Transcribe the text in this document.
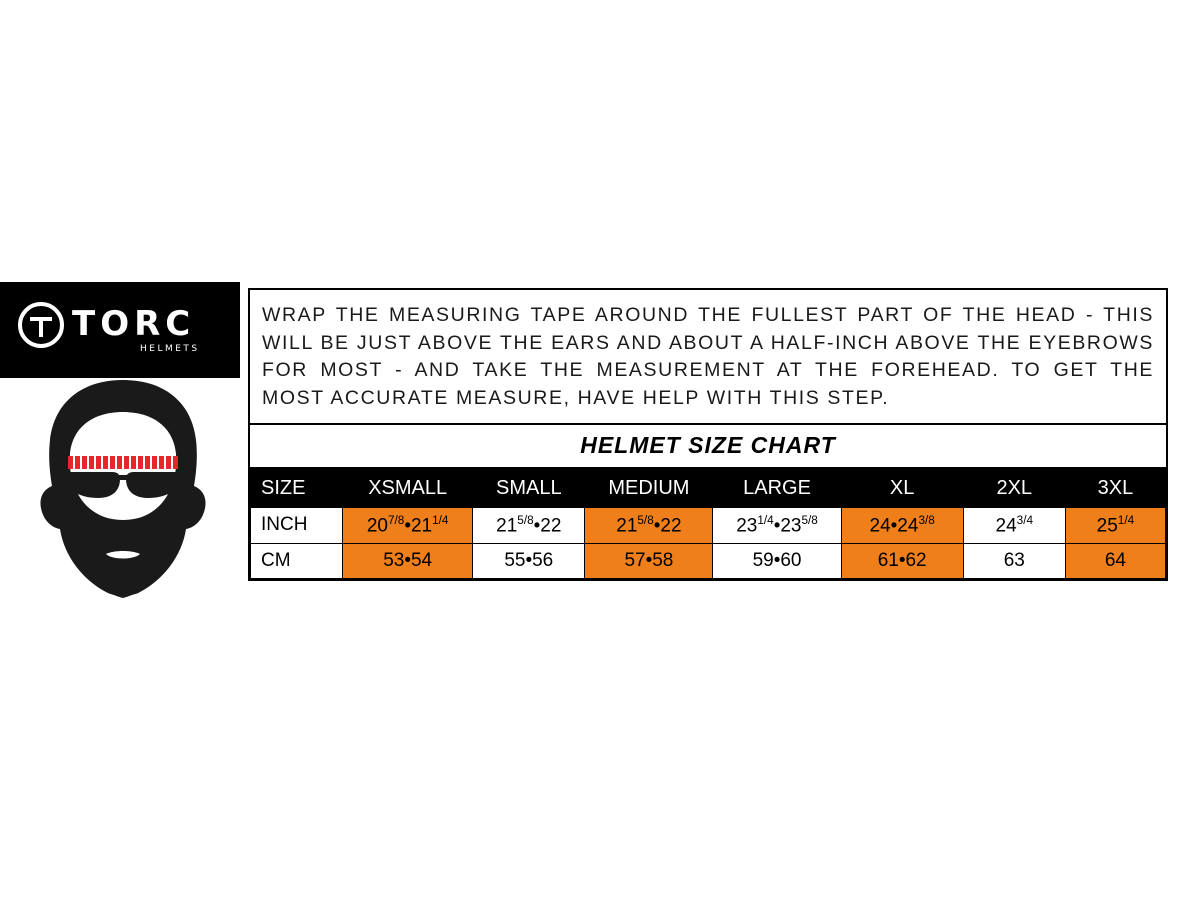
TORC
HELMETS
WRAP THE MEASURING TAPE AROUND THE FULLEST PART OF THE HEAD - THIS WILL BE JUST ABOVE THE EARS AND ABOUT A HALF-INCH ABOVE THE EYEBROWS FOR MOST - AND TAKE THE MEASUREMENT AT THE FOREHEAD. TO GET THE MOST ACCURATE MEASURE, HAVE HELP WITH THIS STEP.
HELMET SIZE CHART
SIZE	XSMALL	SMALL	MEDIUM	LARGE	XL	2XL	3XL
INCH	$20^{7/8}•21^{1/4}$	$21^{5/8}•22$	$21^{5/8}•22$	$23^{1/4}•23^{5/8}$	$24•24^{3/8}$	$24^{3/4}$	$25^{1/4}$
CM	53•54	55•56	57•58	59•60	61•62	63	64
